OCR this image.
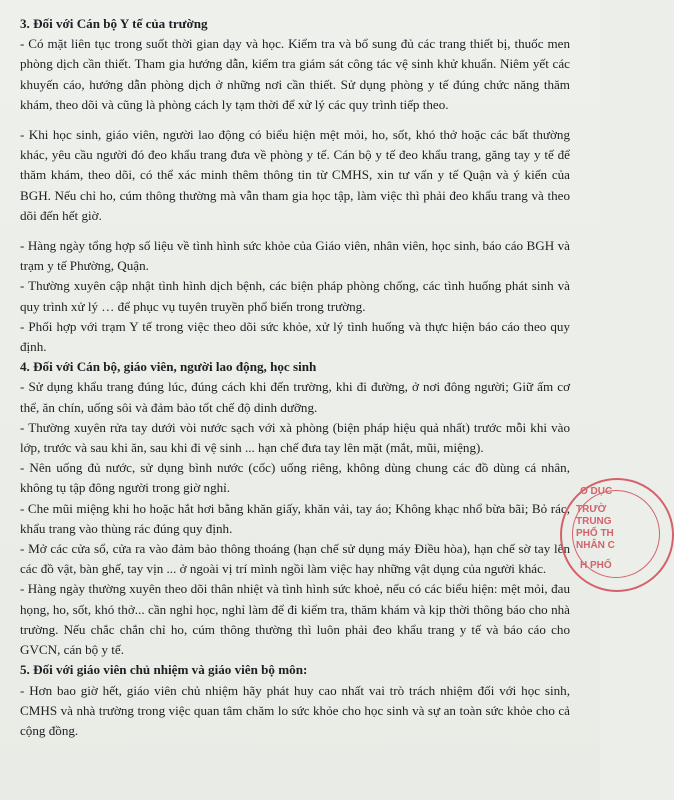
3. Đối với Cán bộ Y tế của trường

- Có mặt liên tục trong suốt thời gian dạy và học. Kiểm tra và bổ sung đủ các trang thiết bị, thuốc men phòng dịch cần thiết. Tham gia hướng dẫn, kiểm tra giám sát công tác vệ sinh khử khuẩn. Niêm yết các khuyến cáo, hướng dẫn phòng dịch ở những nơi cần thiết. Sử dụng phòng y tế đúng chức năng thăm khám, theo dõi và cũng là phòng cách ly tạm thời để xử lý các quy trình tiếp theo.

- Khi học sinh, giáo viên, người lao động có biểu hiện mệt mỏi, ho, sốt, khó thở hoặc các bất thường khác, yêu cầu người đó đeo khẩu trang đưa về phòng y tế. Cán bộ y tế đeo khẩu trang, găng tay y tế để thăm khám, theo dõi, có thể xác minh thêm thông tin từ CMHS, xin tư vấn y tế Quận và ý kiến của BGH. Nếu chỉ ho, cúm thông thường mà vẫn tham gia học tập, làm việc thì phải đeo khẩu trang và theo dõi đến hết giờ.

- Hàng ngày tổng hợp số liệu về tình hình sức khỏe của Giáo viên, nhân viên, học sinh, báo cáo BGH và trạm y tế Phường, Quận.

- Thường xuyên cập nhật tình hình dịch bệnh, các biện pháp phòng chống, các tình huống phát sinh và quy trình xử lý … để phục vụ tuyên truyền phổ biến trong trường.

- Phối hợp với trạm Y tế trong việc theo dõi sức khỏe, xử lý tình huống và thực hiện báo cáo theo quy định.

4. Đối với Cán bộ, giáo viên, người lao động, học sinh

- Sử dụng khẩu trang đúng lúc, đúng cách khi đến trường, khi đi đường, ở nơi đông người; Giữ ấm cơ thể, ăn chín, uống sôi và đảm bảo tốt chế độ dinh dưỡng.

- Thường xuyên rửa tay dưới vòi nước sạch với xà phòng (biện pháp hiệu quả nhất) trước mỗi khi vào lớp, trước và sau khi ăn, sau khi đi vệ sinh ... hạn chế đưa tay lên mặt (mắt, mũi, miệng).

- Nên uống đủ nước, sử dụng bình nước (cốc) uống riêng, không dùng chung các đồ dùng cá nhân, không tụ tập đông người trong giờ nghỉ.

- Che mũi miệng khi ho hoặc hắt hơi bằng khăn giấy, khăn vải, tay áo; Không khạc nhổ bừa bãi; Bỏ rác, khẩu trang vào thùng rác đúng quy định.

- Mở các cửa sổ, cửa ra vào đảm bảo thông thoáng (hạn chế sử dụng máy Điều hòa), hạn chế sờ tay lên các đồ vật, bàn ghế, tay vịn ... ở ngoài vị trí mình ngồi làm việc hay những vật dụng của người khác.

- Hàng ngày thường xuyên theo dõi thân nhiệt và tình hình sức khoẻ, nếu có các biểu hiện: mệt mỏi, đau họng, ho, sốt, khó thở... cần nghỉ học, nghỉ làm để đi kiểm tra, thăm khám và kịp thời thông báo cho nhà trường. Nếu chắc chắn chỉ ho, cúm thông thường thì luôn phải đeo khẩu trang y tế và báo cáo cho GVCN, cán bộ y tế.

5. Đối với giáo viên chủ nhiệm và giáo viên bộ môn:

- Hơn bao giờ hết, giáo viên chủ nhiệm hãy phát huy cao nhất vai trò trách nhiệm đối với học sinh, CMHS và nhà trường trong việc quan tâm chăm lo sức khỏe cho học sinh và sự an toàn sức khỏe cho cả cộng đồng.

O DỤC
TRƯỜ
TRUNG
PHỔ TH
NHÂN C
H PHỐ
